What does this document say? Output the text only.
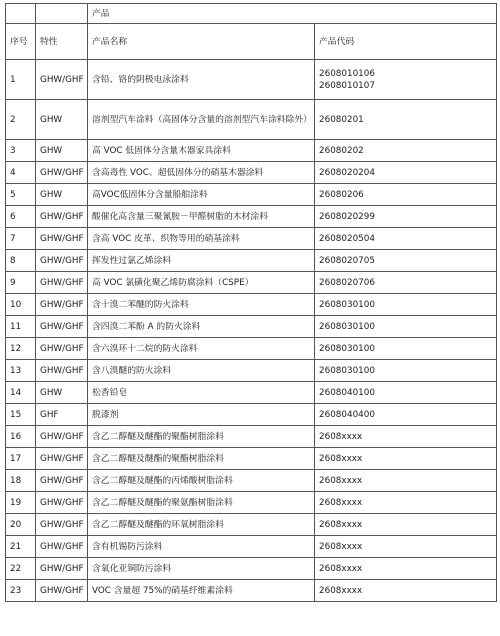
		产品	
序号	特性	产品名称	产品代码
1	GHW/GHF	含铅、铬的阴极电泳涂料	2608010106
2608010107

2	GHW	溶剂型汽车涂料（高固体分含量的溶剂型汽车涂料除外）	26080201

3	GHW	高 VOC 低固体分含量木器家具涂料	26080202

4	GHW/GHF	含高毒性 VOC、超低固体分的硝基木器涂料	2608020204

5	GHW	高VOC低固体分含量船舶涂料	26080206

6	GHW/GHF	酸催化高含量三聚氰胺－甲醛树脂的木材涂料	2608020299

7	GHW/GHF	含高 VOC 皮革、织物等用的硝基涂料	2608020504

8	GHW/GHF	挥发性过氯乙烯涂料	2608020705

9	GHW/GHF	高 VOC 氯磺化聚乙烯防腐涂料（CSPE）	2608020706

10	GHW/GHF	含十溴二苯醚的防火涂料	2608030100

11	GHW/GHF	含四溴二苯酚 A 的防火涂料	2608030100

12	GHW/GHF	含六溴环十二烷的防火涂料	2608030100

13	GHW/GHF	含八溴醚的防火涂料	2608030100

14	GHW	松香铅皂	2608040100

15	GHF	脱漆剂	2608040400

16	GHW/GHF	含乙二醇醚及醚酯的聚酯树脂涂料	2608xxxx

17	GHW/GHF	含乙二醇醚及醚酯的聚酯树脂涂料	2608xxxx

18	GHW/GHF	含乙二醇醚及醚酯的丙烯酸树脂涂料	2608xxxx

19	GHW/GHF	含乙二醇醚及醚酯的聚氨酯树脂涂料	2608xxxx

20	GHW/GHF	含乙二醇醚及醚酯的环氧树脂涂料	2608xxxx

21	GHW/GHF	含有机锡防污涂料	2608xxxx

22	GHW/GHF	含氧化亚铜防污涂料	2608xxxx

23	GHW/GHF	VOC 含量超 75%的硝基纤维素涂料	2608xxxx
